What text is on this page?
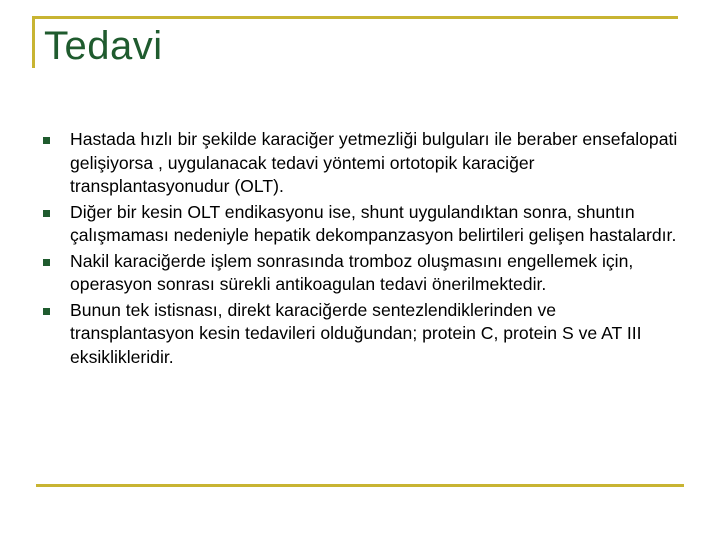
Tedavi
Hastada hızlı bir şekilde karaciğer yetmezliği bulguları ile beraber ensefalopati gelişiyorsa , uygulanacak tedavi yöntemi ortotopik karaciğer transplantasyonudur (OLT).
Diğer bir kesin OLT endikasyonu ise, shunt uygulandıktan sonra, shuntın çalışmaması nedeniyle hepatik dekompanzasyon belirtileri gelişen hastalardır.
Nakil karaciğerde işlem sonrasında tromboz oluşmasını engellemek için, operasyon sonrası sürekli antikoagulan tedavi önerilmektedir.
Bunun tek istisnası, direkt karaciğerde sentezlendiklerinden ve transplantasyon kesin tedavileri olduğundan; protein C, protein S ve AT III eksiklikleridir.
